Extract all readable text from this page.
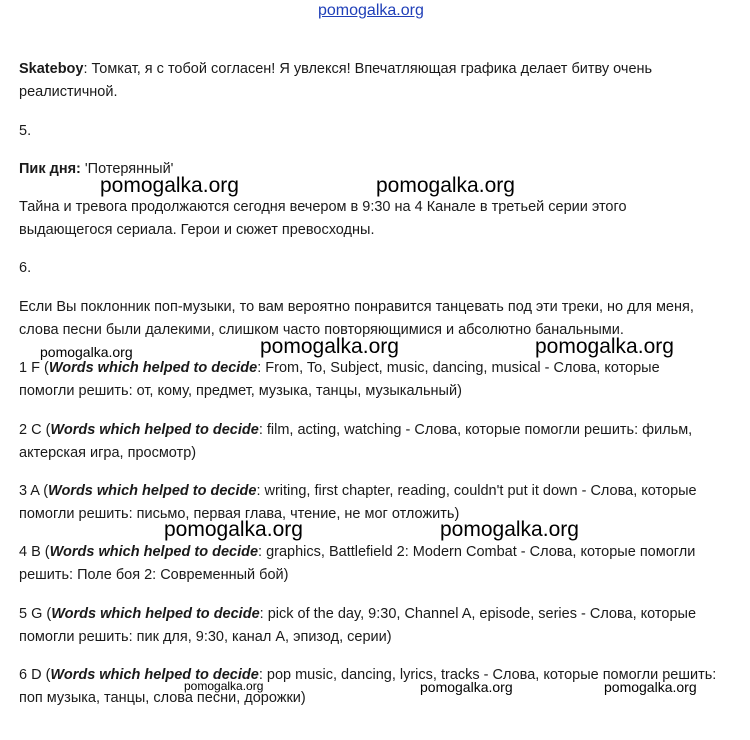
pomogalka.org
Skateboy: Томкат, я с тобой согласен! Я увлекся! Впечатляющая графика делает битву очень реалистичной.
5.
Пик дня: 'Потерянный'
Тайна и тревога продолжаются сегодня вечером в 9:30 на 4 Канале в третьей серии этого выдающегося сериала. Герои и сюжет превосходны.
6.
Если Вы поклонник поп-музыки, то вам вероятно понравится танцевать под эти треки, но для меня, слова песни были далекими, слишком часто повторяющимися и абсолютно банальными.
1 F (Words which helped to decide: From, To, Subject, music, dancing, musical - Слова, которые помогли решить: от, кому, предмет, музыка, танцы, музыкальный)
2 C (Words which helped to decide: film, acting, watching - Слова, которые помогли решить: фильм, актерская игра, просмотр)
3 A (Words which helped to decide: writing, first chapter, reading, couldn't put it down - Слова, которые помогли решить: письмо, первая глава, чтение, не мог отложить)
4 B (Words which helped to decide: graphics, Battlefield 2: Modern Combat - Слова, которые помогли решить: Поле боя 2: Современный бой)
5 G (Words which helped to decide: pick of the day, 9:30, Channel A, episode, series - Слова, которые помогли решить: пик для, 9:30, канал A, эпизод, серии)
6 D (Words which helped to decide: pop music, dancing, lyrics, tracks - Слова, которые помогли решить: поп музыка, танцы, слова песни, дорожки)
pomogalka.org	pomogalka.org
pomogalka.org	pomogalka.org	pomogalka.org
pomogalka.org	pomogalka.org
pomogalka.org	pomogalka.org	pomogalka.org
